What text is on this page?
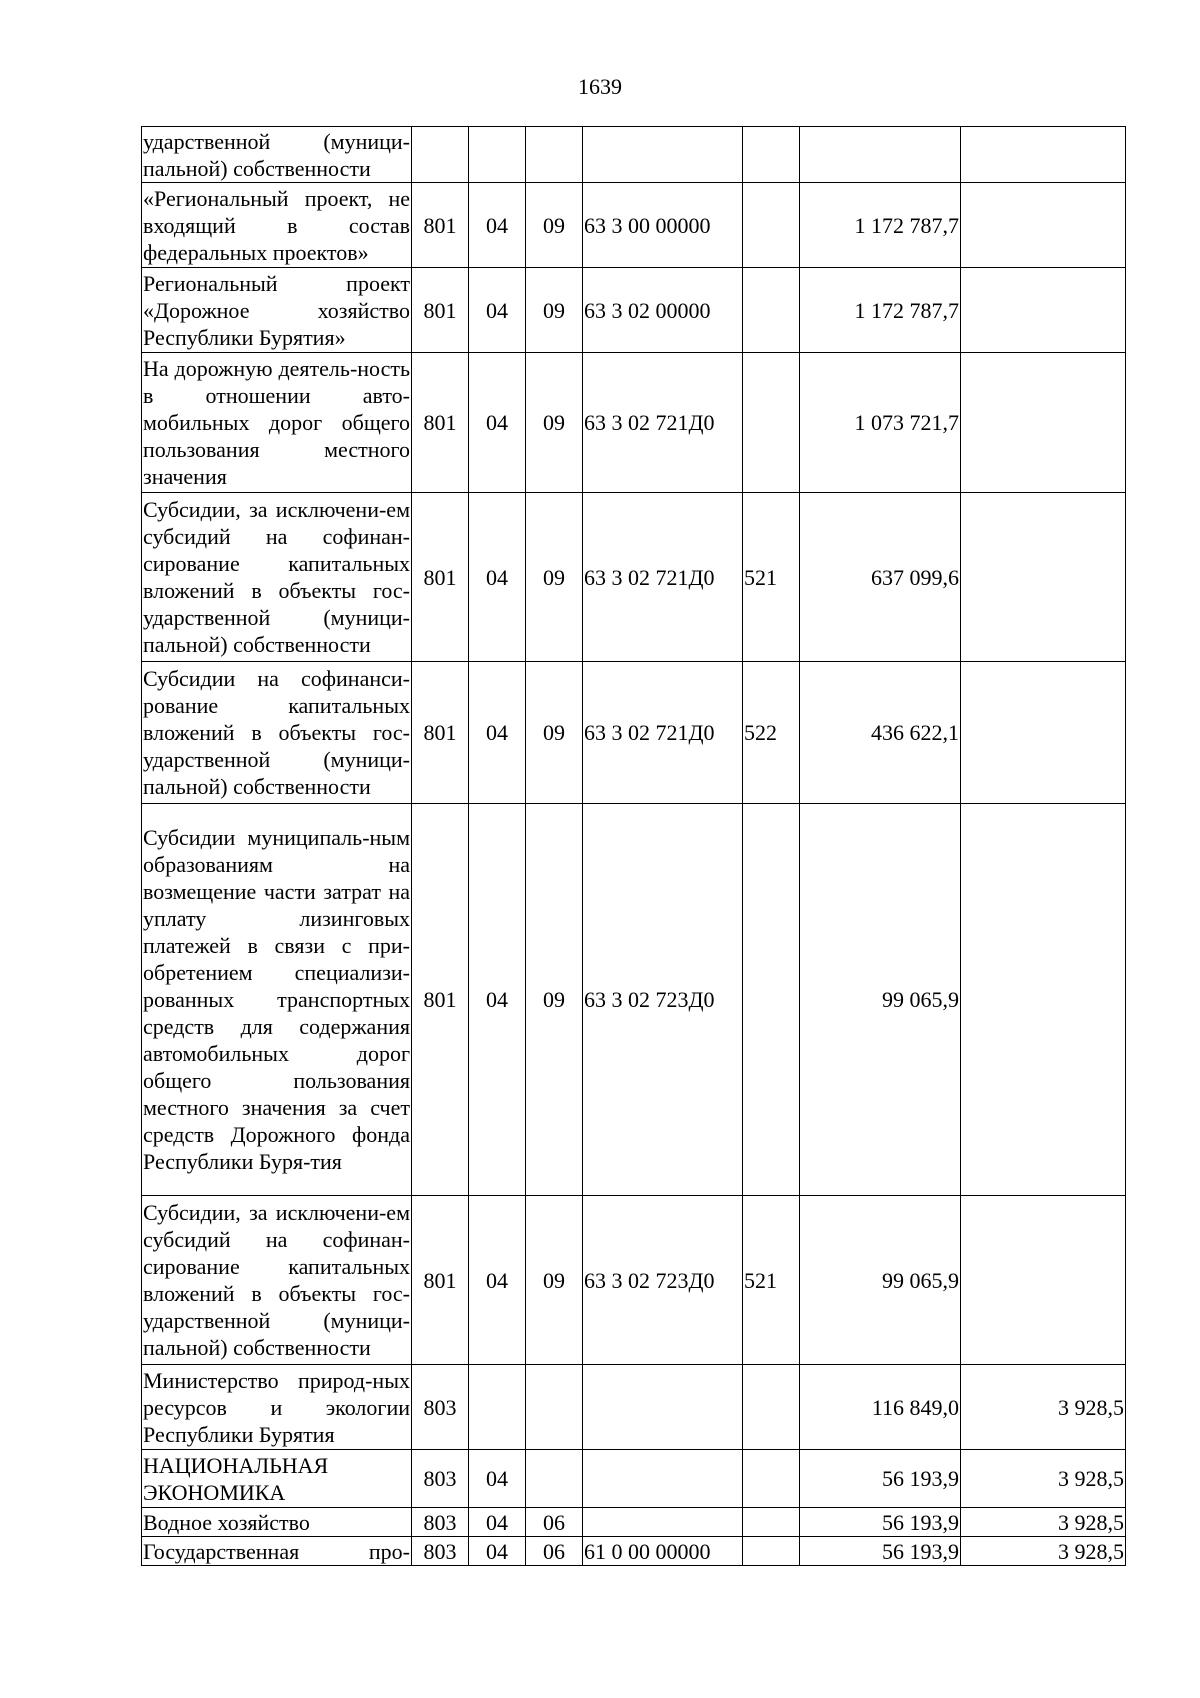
1639
ударственной (муници-пальной) собственности							
«Региональный проект, не входящий в состав федеральных проектов»	801	04	09	63 3 00 00000		1 172 787,7	
Региональный проект «Дорожное хозяйство Республики Бурятия»	801	04	09	63 3 02 00000		1 172 787,7	
На дорожную деятель-ность в отношении авто-мобильных дорог общего пользования местного значения	801	04	09	63 3 02 721Д0		1 073 721,7	
Субсидии, за исключени-ем субсидий на софинан-сирование капитальных вложений в объекты гос-ударственной (муници-пальной) собственности	801	04	09	63 3 02 721Д0	521	637 099,6	
Субсидии на софинанси-рование капитальных вложений в объекты гос-ударственной (муници-пальной) собственности	801	04	09	63 3 02 721Д0	522	436 622,1	
Субсидии муниципаль-ным образованиям на возмещение части затрат на уплату лизинговых платежей в связи с при-обретением специализи-рованных транспортных средств для содержания автомобильных дорог общего пользования местного значения за счет средств Дорожного фонда Республики Буря-тия	801	04	09	63 3 02 723Д0		99 065,9	
Субсидии, за исключени-ем субсидий на софинан-сирование капитальных вложений в объекты гос-ударственной (муници-пальной) собственности	801	04	09	63 3 02 723Д0	521	99 065,9	
Министерство природ-ных ресурсов и экологии Республики Бурятия	803					116 849,0	3 928,5
НАЦИОНАЛЬНАЯ ЭКОНОМИКА	803	04				56 193,9	3 928,5
Водное хозяйство	803	04	06			56 193,9	3 928,5
Государственная про-	803	04	06	61 0 00 00000		56 193,9	3 928,5
